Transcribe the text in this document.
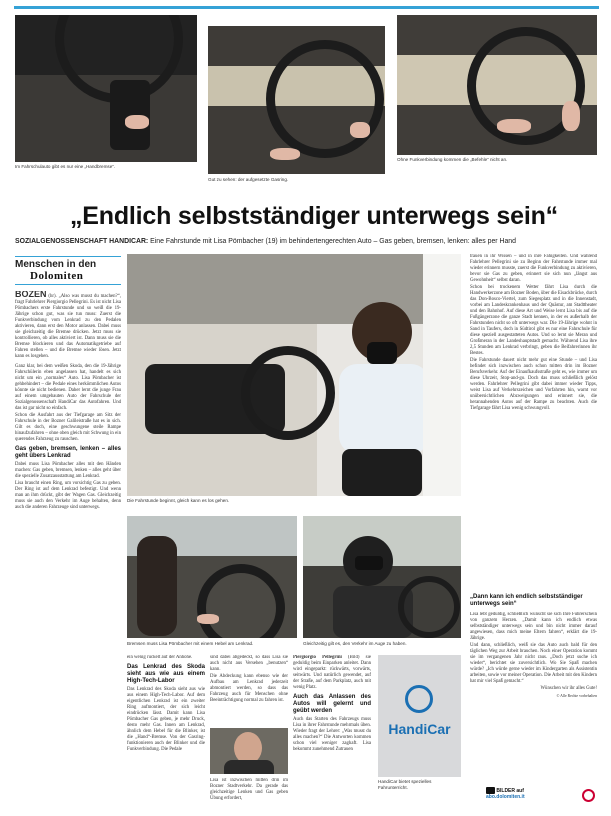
Im Fahrschulauto gibt es nur eine „Handbremse“.
Gut zu sehen: der aufgesetzte Gasring.
Ohne Funkverbindung kommen die „Befehle“ nicht an.
„Endlich selbstständiger unterwegs sein“
SOZIALGENOSSENSCHAFT HANDICAR: Eine Fahrstunde mit Lisa Pömbacher (19) im behindertengerechten Auto – Gas geben, bremsen, lenken: alles per Hand
Menschen in den
Dolomiten

BOZEN (hr). „Also was musst du machen?“, fragt Fahrlehrer Piergiorgio Pellegrini. Es ist nicht Lisa Pömbachers erste Fahrstunde und so weiß die 19-Jährige schon gut, was sie tun muss: Zuerst die Funkverbindung vom Lenkrad zu den Pedalen aktivieren, dann erst den Motor anlassen. Dabei muss sie gleichzeitig die Bremse drücken. Jetzt muss sie kontrollieren, ob alles aktiviert ist. Dann muss sie die Bremse blockieren und das Automatikgetriebe auf Fahren stellen – und die Bremse wieder lösen. Jetzt kann es losgehen.

Ganz klar, bei dem weißen Skoda, den die 19-Jährige Fahrschülerin eben angelassen hat, handelt es sich nicht um ein „normales“ Auto. Lisa Pömbacher ist gehbehindert – die Pedale eines herkömmlichen Autos könnte sie nicht bedienen. Daher lernt die junge Frau auf einem umgebauten Auto der Fahrschule der Sozialgenossenschaft HandiCar das Autofahren. Und das ist gar nicht so einfach.

Schon die Ausfahrt aus der Tiefgarage am Sitz der Fahrschule in der Bozner Galileistraße hat es in sich. Gilt es doch, eine geschwungene steile Rampe hinaufzufahren – ohne oben gleich mit Schwung in ein querendes Fahrzeug zu rauschen.

Gas geben, bremsen, lenken – alles geht übers Lenkrad

Dabei muss Lisa Pömbacher alles mit den Händen machen: Gas geben, bremsen, lenken – alles geht über die spezielle Zusatzausstattung am Lenkrad.

Lisa braucht einen Ring, um vorsichtig Gas zu geben. Der Ring ist auf dem Lenkrad befestigt. Und wenn man an ihm drückt, gibt der Wagen Gas. Gleichzeitig muss sie auch den Verkehr im Auge behalten, denn auch die anderen Fahrzeuge sind unterwegs.

Die Fahrstunde beginnt, gleich kann es los gehen.

trauen in ihr Wissen – und in ihre Fähigkeiten. Und während Fahrlehrer Pellegrini sie zu Beginn der Fahrstunde immer mal wieder erinnern musste, zuerst die Funkverbindung zu aktivieren, bevor sie Gas zu geben, erinnert sie sich nun „längst aus Gewohnheit“ selbst daran.

Schon bei trockenem Wetter fährt Lisa durch die Handwerkerzone am Bozner Boden, über die Eisackbrücke, durch das Don-Bosco-Viertel, zum Siegesplatz und in die Innenstadt, vorbei am Landeskrankenhaus und der Quästur, am Stadttheater und den Bahnhof. Auf diese Art und Weise lernt Lisa bis auf die Fußgängerzone die ganze Stadt kennen, in der es außerhalb der Fahrstunden nicht so oft unterwegs war. Die 19-Jährige wohnt in Sand in Taufers, doch in Südtirol gibt es nur eine Fahrschule für diese speziell ausgestatteten Autos. Und so lernt sie Meran und Großmeran in der Landeshauptstadt gemacht. Während Lisa ihre 2,5 Stunden am Lenkrad verbringt, geben die Beifahrerinnen ihr Bestes.

Die Fahrstunde dauert nicht mehr gut eine Stunde – und Lisa befindet sich inzwischen auch schon mitten drin im Bozner Berufsverkehr. Auf der Einaufkaufsstraße geht es, wie immer um diese Uhrzeit, Stop-and-go. Doch das muss schließlich gelöst werden. Fahrlehrer Pellegrini gibt dabei immer wieder Tipps, weist Lisa auf Verkehrszeichen und Vorfahrten hin, warnt vor unübersichtlichen Abzweigungen und erinnert sie, die herannahenden Autos auf der Rampe zu beachten. Auch die Tiefgarage fährt Lisa wenig schwungvoll.

Bremsen muss Lisa Pömbacher mit einem Hebel am Lenkrad.	Gleichzeitig gilt es, den Verkehr im Auge zu haben.
„Dann kann ich endlich selbstständiger unterwegs sein“

Lisa lebt geduldig, schließlich wünscht sie sich Ihre Führerschein von ganzem Herzen. „Damit kann ich endlich etwas selbstständiger unterwegs sein und bin nicht immer darauf angewiesen, dass mich meine Eltern fahren“, erklärt die 19-Jährige.

Und dann, schließlich, weiß sie das Auto auch bald für den täglichen Weg zur Arbeit brauchen. Noch einer Operation kommt sie im vergangenen Jahr nicht raus. „Doch jetzt suche ich wieder“, berichtet sie zuversichtlich. Wo Sie Spaß machen würde? „Ich würde gerne wieder im Kindergarten als Assistentin arbeiten, sowie vor meiner Operation. Die Arbeit mit den Kindern hat mir viel Spaß gemacht.“

Wünschen wir ihr alles Gute!

© Alle Rechte vorbehalten

ein wenig ruckelt auf der Anhöhe.

Das Lenkrad des Skoda sieht aus wie aus einem High-Tech-Labor

Das Lenkrad des Skoda sieht aus wie aus einem High-Tech-Labor. Auf dem eigentlichen Lenkrad ist ein zweiter Ring aufmontiert, der sich leicht eindrücken lässt. Damit kann Lisa Pömbacher Gas geben, je mehr Druck, desto mehr Gas. Innen am Lenkrad, ähnlich dem Hebel für die Blinker, ist die „Hand“-Bremse. Von der Gasring-funktionieren auch der Blinker und die Funkverbindung. Die Pedale

sind dabei abgedeckt, so dass Lisa sie auch nicht aus Versehen „benutzen“ kann.

Die Abdeckung kann ebenso wie der Aufbau am Lenkrad jederzeit abmontiert werden, so dass das Fahrzeug auch für Menschen ohne Beeinträchtigung normal zu fahren ist.

Lisa ist inzwischen mitten drin im Bozner Stadtverkehr. Da gerade das gleichzeitige Lenken und Gas geben Übung erfordert,

Piergiorgio Pellegrini (Bild) sie geduldig beim Einparken anleitet. Dann wird eingeparkt: rückwärts, vorwärts, seitwärts. Und natürlich gewendet, auf der Straße, auf dem Parkplatz, auch mit wenig Platz.

Auch das Anlassen des Autos will gelernt und geübt werden

Auch das Starten des Fahrzeugs muss Lisa in ihrer Fahrstunde mehrmals üben. Wieder fragt der Lehrer: „Was musst du alles machen?“ Die Antworten kommen schon viel weniger zaghaft. Lisa bekommt zunehmend Zutrauen

HandiCar
HandiCar bietet spezielles Fahrunterricht.
BILDER auf
abo.dolomiten.it
